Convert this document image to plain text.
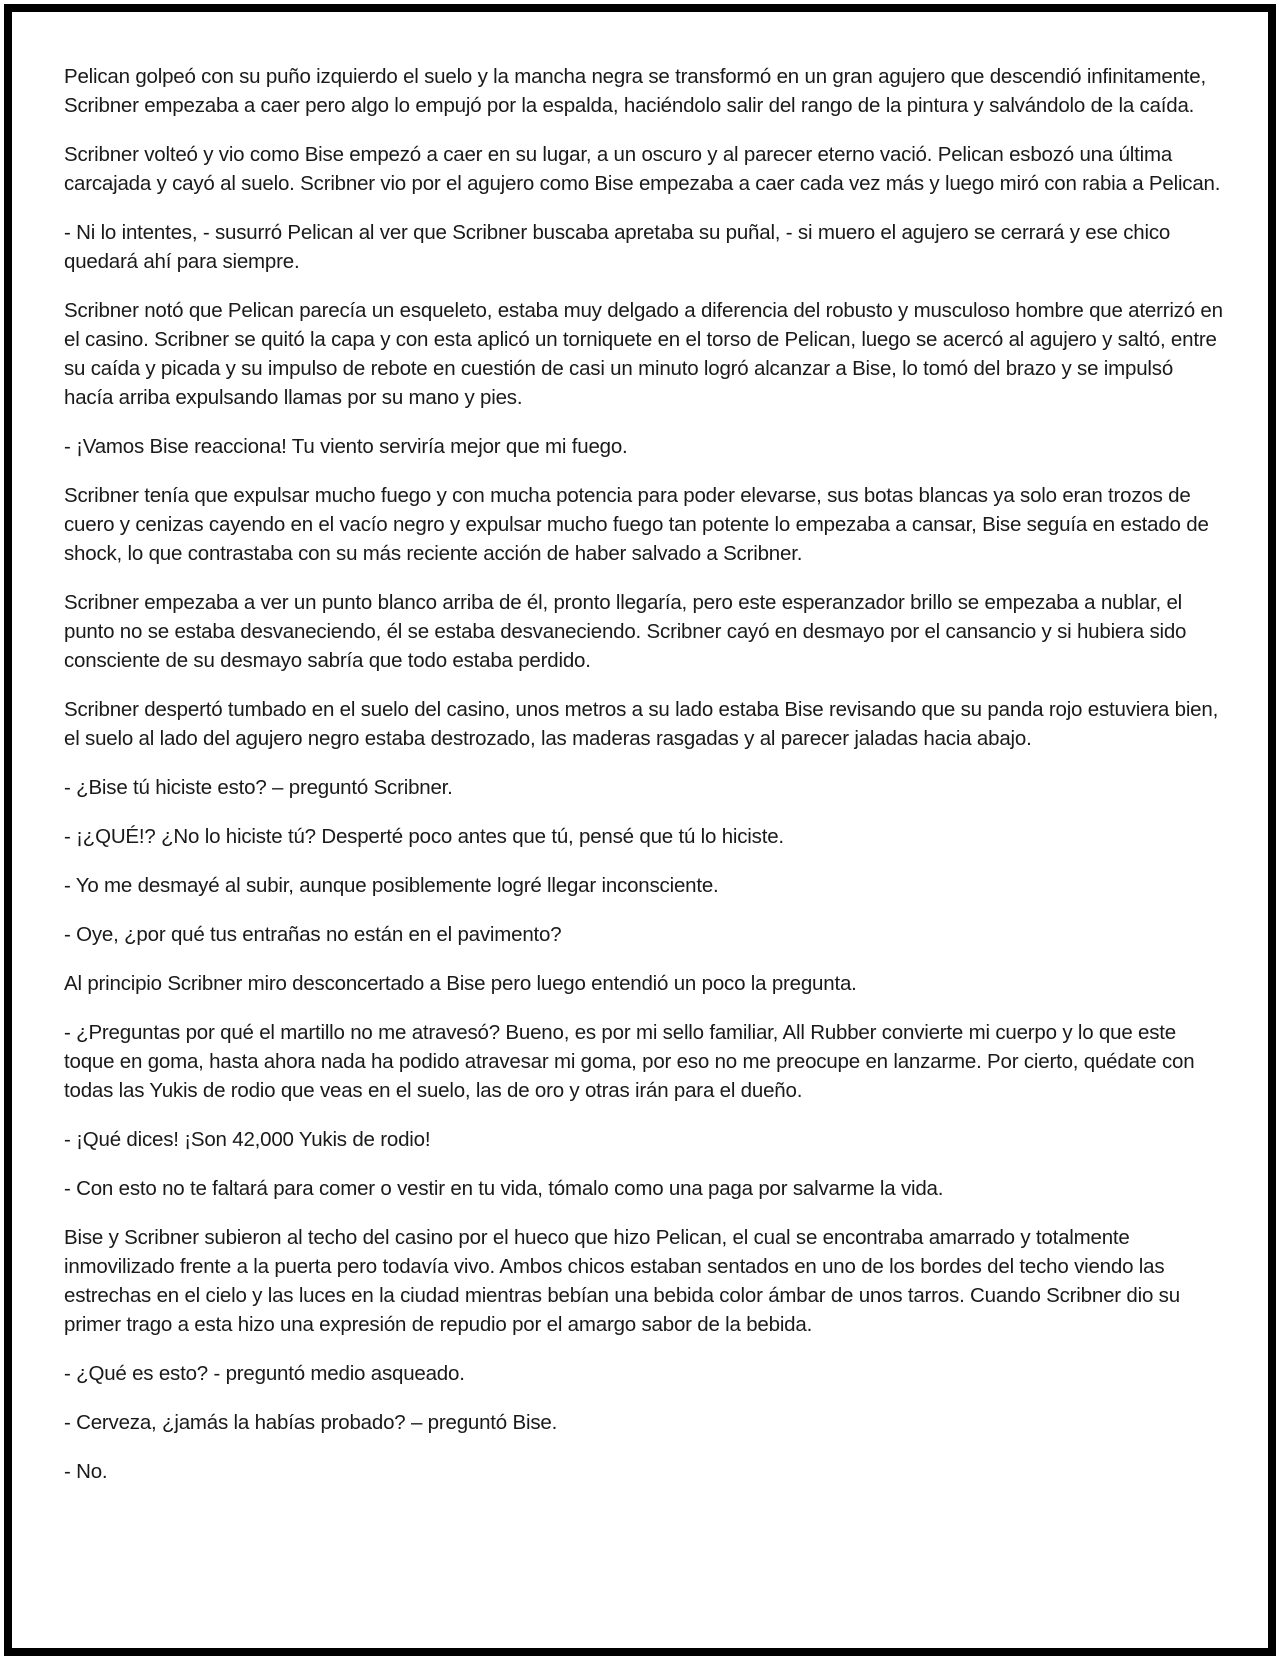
Pelican golpeó con su puño izquierdo el suelo y la mancha negra se transformó en un gran agujero que descendió infinitamente, Scribner empezaba a caer pero algo lo empujó por la espalda, haciéndolo salir del rango de la pintura y salvándolo de la caída.

Scribner volteó y vio como Bise empezó a caer en su lugar, a un oscuro y al parecer eterno vació. Pelican esbozó una última carcajada y cayó al suelo. Scribner vio por el agujero como Bise empezaba a caer cada vez más y luego miró con rabia a Pelican.

- Ni lo intentes, - susurró Pelican al ver que Scribner buscaba apretaba su puñal, - si muero el agujero se cerrará y ese chico quedará ahí para siempre.

Scribner notó que Pelican parecía un esqueleto, estaba muy delgado a diferencia del robusto y musculoso hombre que aterrizó en el casino. Scribner se quitó la capa y con esta aplicó un torniquete en el torso de Pelican, luego se acercó al agujero y saltó, entre su caída y picada y su impulso de rebote en cuestión de casi un minuto logró alcanzar a Bise, lo tomó del brazo y se impulsó hacía arriba expulsando llamas por su mano y pies.

- ¡Vamos Bise reacciona! Tu viento serviría mejor que mi fuego.

Scribner tenía que expulsar mucho fuego y con mucha potencia para poder elevarse, sus botas blancas ya solo eran trozos de cuero y cenizas cayendo en el vacío negro y expulsar mucho fuego tan potente lo empezaba a cansar, Bise seguía en estado de shock, lo que contrastaba con su más reciente acción de haber salvado a Scribner.

Scribner empezaba a ver un punto blanco arriba de él, pronto llegaría, pero este esperanzador brillo se empezaba a nublar, el punto no se estaba desvaneciendo, él se estaba desvaneciendo. Scribner cayó en desmayo por el cansancio y si hubiera sido consciente de su desmayo sabría que todo estaba perdido.

Scribner despertó tumbado en el suelo del casino, unos metros a su lado estaba Bise revisando que su panda rojo estuviera bien, el suelo al lado del agujero negro estaba destrozado, las maderas rasgadas y al parecer jaladas hacia abajo.

- ¿Bise tú hiciste esto? – preguntó Scribner.

- ¡¿QUÉ!? ¿No lo hiciste tú? Desperté poco antes que tú, pensé que tú lo hiciste.

- Yo me desmayé al subir, aunque posiblemente logré llegar inconsciente.

- Oye, ¿por qué tus entrañas no están en el pavimento?

Al principio Scribner miro desconcertado a Bise pero luego entendió un poco la pregunta.

- ¿Preguntas por qué el martillo no me atravesó? Bueno, es por mi sello familiar, All Rubber convierte mi cuerpo y lo que este toque en goma, hasta ahora nada ha podido atravesar mi goma, por eso no me preocupe en lanzarme. Por cierto, quédate con todas las Yukis de rodio que veas en el suelo, las de oro y otras irán para el dueño.

- ¡Qué dices! ¡Son 42,000 Yukis de rodio!

- Con esto no te faltará para comer o vestir en tu vida, tómalo como una paga por salvarme la vida.

Bise y Scribner subieron al techo del casino por el hueco que hizo Pelican, el cual se encontraba amarrado y totalmente inmovilizado frente a la puerta pero todavía vivo. Ambos chicos estaban sentados en uno de los bordes del techo viendo las estrechas en el cielo y las luces en la ciudad mientras bebían una bebida color ámbar de unos tarros. Cuando Scribner dio su primer trago a esta hizo una expresión de repudio por el amargo sabor de la bebida.

- ¿Qué es esto? - preguntó medio asqueado.

- Cerveza, ¿jamás la habías probado? – preguntó Bise.

- No.
